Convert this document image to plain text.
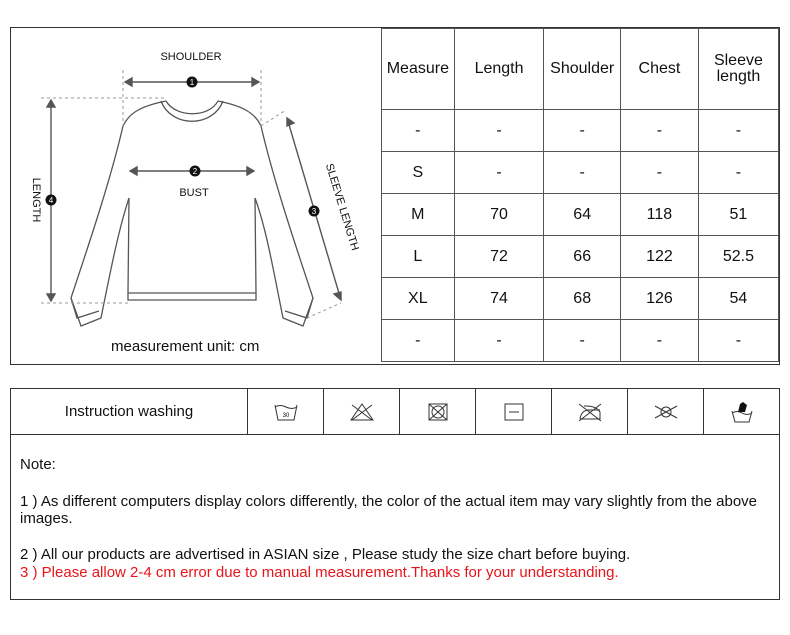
1
2
3
4
SHOULDER
BUST
LENGTH	SLEEVE LENGTH
measurement unit: cm
Measure	Length	Shoulder	Chest	Sleeve length
-	-	-	-	-
S	-	-	-	-
M	70	64	118	51
L	72	66	122	52.5
XL	74	68	126	54
-	-	-	-	-
Instruction washing	30
Note:
1 ) As different computers display colors differently, the color of the actual item may vary slightly from the above images.
2 ) All our products are advertised in ASIAN size , Please study the size chart before buying.
3 ) Please allow 2-4 cm error due to manual measurement.Thanks for your understanding.
